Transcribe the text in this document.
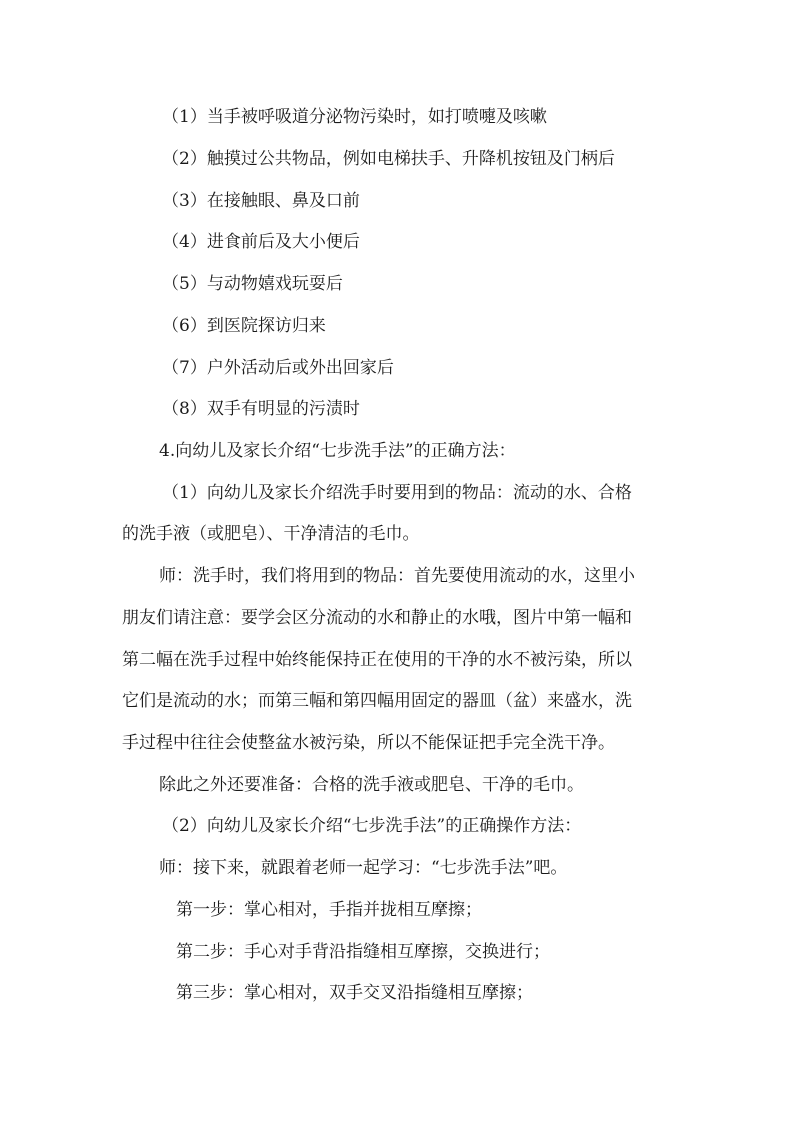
（1）当手被呼吸道分泌物污染时，如打喷嚏及咳嗽
（2）触摸过公共物品，例如电梯扶手、升降机按钮及门柄后
（3）在接触眼、鼻及口前
（4）进食前后及大小便后
（5）与动物嬉戏玩耍后
（6）到医院探访归来
（7）户外活动后或外出回家后
（8）双手有明显的污渍时
4.向幼儿及家长介绍“七步洗手法”的正确方法：
（1）向幼儿及家长介绍洗手时要用到的物品：流动的水、合格
的洗手液（或肥皂）、干净清洁的毛巾。
师：洗手时，我们将用到的物品：首先要使用流动的水，这里小
朋友们请注意：要学会区分流动的水和静止的水哦，图片中第一幅和
第二幅在洗手过程中始终能保持正在使用的干净的水不被污染，所以
它们是流动的水；而第三幅和第四幅用固定的器皿（盆）来盛水，洗
手过程中往往会使整盆水被污染，所以不能保证把手完全洗干净。
除此之外还要准备：合格的洗手液或肥皂、干净的毛巾。
（2）向幼儿及家长介绍“七步洗手法”的正确操作方法：
师：接下来，就跟着老师一起学习：“七步洗手法”吧。
第一步：掌心相对，手指并拢相互摩擦；
第二步：手心对手背沿指缝相互摩擦，交换进行；
第三步：掌心相对，双手交叉沿指缝相互摩擦；
